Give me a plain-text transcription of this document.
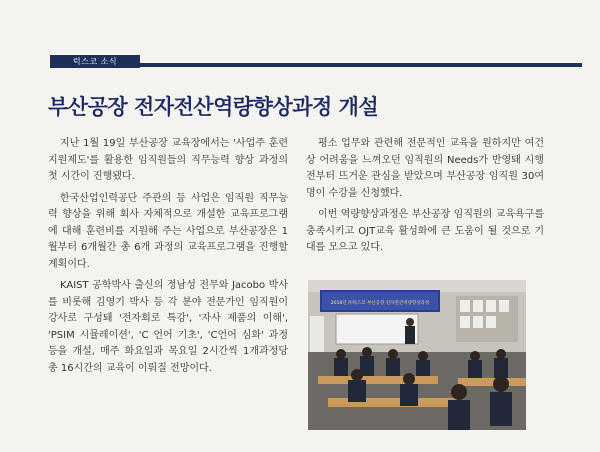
럭스코 소식
부산공장 전자전산역량향상과정 개설

지난 1월 19일 부산공장 교육장에서는 '사업주 훈련 지원제도'를 활용한 임직원들의 직무능력 향상 과정의 첫 시간이 진행됐다.

한국산업인력공단 주관의 등 사업은 임직원 직무능력 향상을 위해 회사 자체적으로 개설한 교육프로그램에 대해 훈련비를 지원해 주는 사업으로 부산공장은 1월부터 6개월간 총 6개 과정의 교육프로그램을 진행할 계획이다.

KAIST 공학박사 출신의 정남성 전무와 Jacobo 박사를 비롯해 김영기 박사 등 각 분야 전문가인 임직원이 강사로 구성돼 '전자회로 특강', '자사 제품의 이해', 'PSIM 시뮬레이션', 'C 언어 기초', 'C언어 심화' 과정 등을 개설, 매주 화요일과 목요일 2시간씩 1개과정당 총 16시간의 교육이 이뤄질 전망이다.

평소 업무와 관련해 전문적인 교육을 원하지만 여건상 어려움을 느껴오던 임직원의 Needs가 반영돼 시행 전부터 뜨거운 관심을 받았으며 부산공장 임직원 30여명이 수강을 신청했다.

이번 역량향상과정은 부산공장 임직원의 교육욕구를 충족시키고 OJT교육 활성화에 큰 도움이 될 것으로 기대를 모으고 있다.

2018년 ㈜럭스코 부산공장 전자전산역량향상과정
